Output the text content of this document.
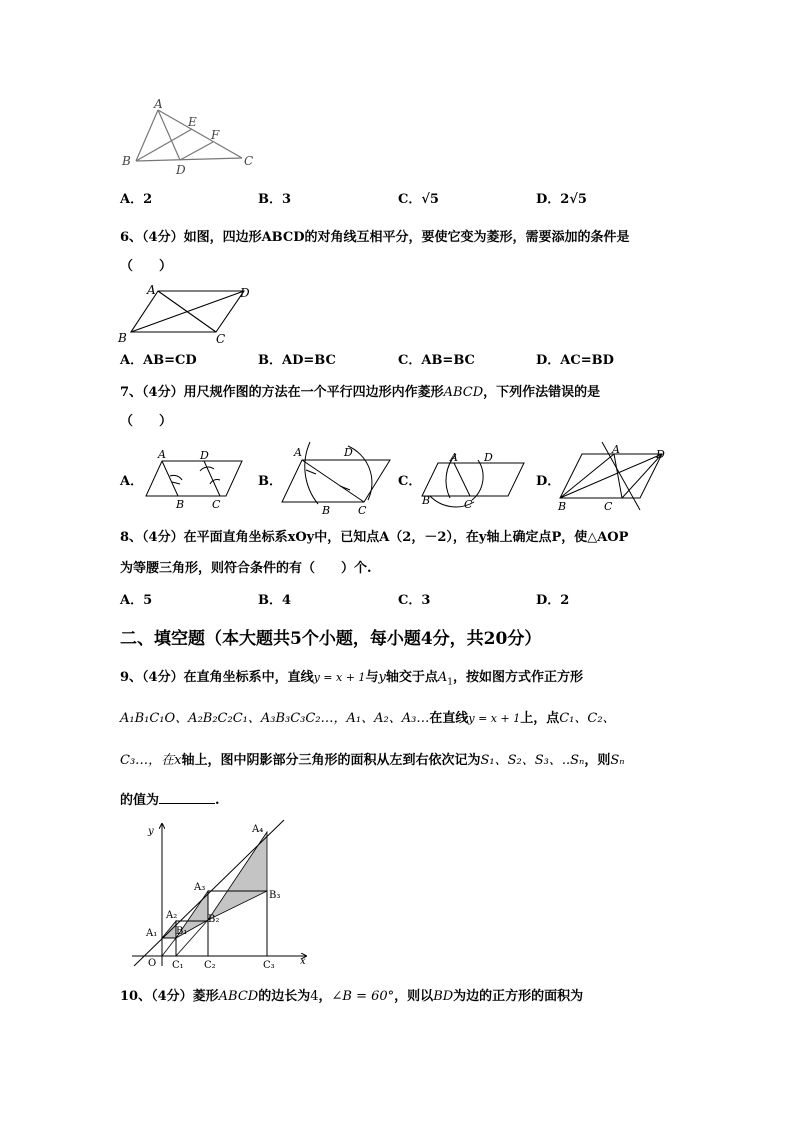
A
B	C
D
E
F
A．2	B．3	C．√5	D．2√5
6、（4分）如图，四边形ABCD的对角线互相平分，要使它变为菱形，需要添加的条件是
（　　）
A	D
B	C
A．AB=CD	B．AD=BC	C．AB=BC	D．AC=BD
7、（4分）用尺规作图的方法在一个平行四边形内作菱形ABCD，下列作法错误的是
（　　）
A．	B．	C．	D．
A	D
B	C
A	D
B	C
A D
B	C
A	D
B	C
8、（4分）在平面直角坐标系xOy中，已知点A（2，－2），在y轴上确定点P，使△AOP
为等腰三角形，则符合条件的有（　　）个.
A．5	B．4	C．3	D．2
二、填空题（本大题共5个小题，每小题4分，共20分）
9、（4分）在直角坐标系中，直线y = x + 1与y轴交于点$A_1$，按如图方式作正方形
A₁B₁C₁O、A₂B₂C₂C₁、A₃B₃C₃C₂…，A₁、A₂、A₃…在直线y = x + 1上，点C₁、C₂、
C₃…，在x轴上，图中阴影部分三角形的面积从左到右依次记为S₁、S₂、S₃、..Sₙ，则Sₙ
的值为	.
y
x
O
A₁
A₂
A₃
A₄
B₁
B₂
B₃
C₁ C₂	C₃
10、（4分）菱形ABCD的边长为4，∠B = 60°，则以BD为边的正方形的面积为
